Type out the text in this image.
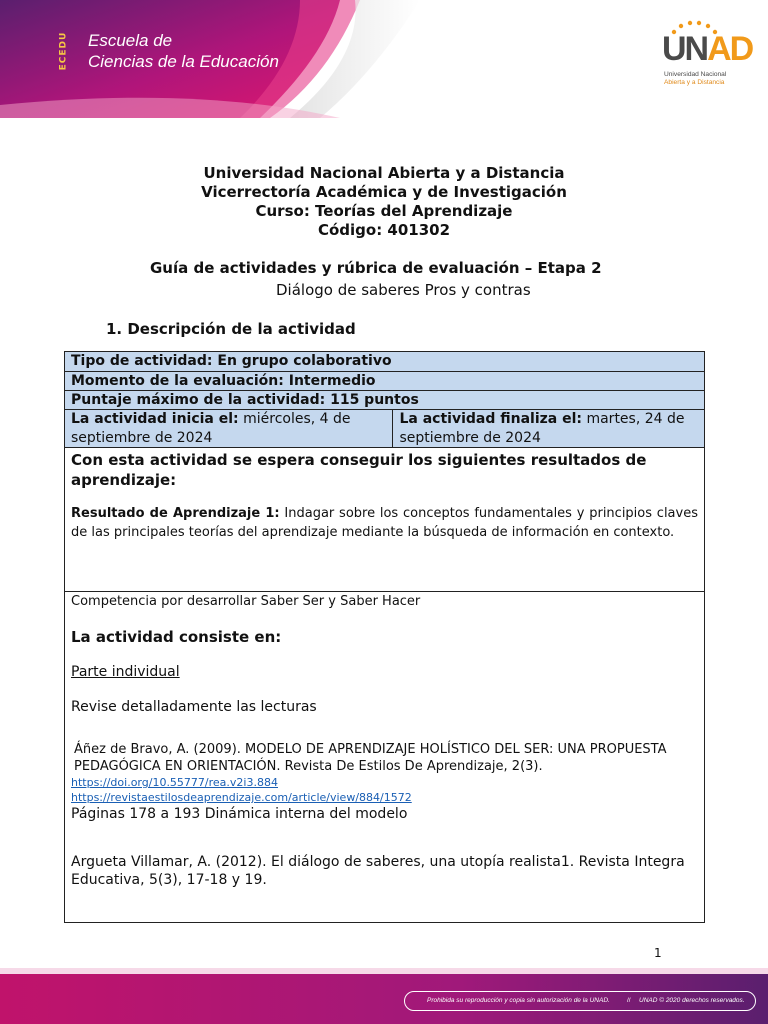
ECEDU Escuela de
Ciencias de la Educación	UNAD
Universidad Nacional
Abierta y a Distancia
Universidad Nacional Abierta y a Distancia
Vicerrectoría Académica y de Investigación
Curso: Teorías del Aprendizaje
Código: 401302
Guía de actividades y rúbrica de evaluación – Etapa 2
Diálogo de saberes Pros y contras
1. Descripción de la actividad
Tipo de actividad: En grupo colaborativo
Momento de la evaluación: Intermedio
Puntaje máximo de la actividad: 115 puntos
La actividad inicia el: miércoles, 4 de septiembre de 2024
La actividad finaliza el: martes, 24 de septiembre de 2024
Con esta actividad se espera conseguir los siguientes resultados de aprendizaje:
Resultado de Aprendizaje 1: Indagar sobre los conceptos fundamentales y principios claves de las principales teorías del aprendizaje mediante la búsqueda de información en contexto.
Competencia por desarrollar Saber Ser y Saber Hacer
La actividad consiste en:
Parte individual
Revise detalladamente las lecturas
Áñez de Bravo, A. (2009). MODELO DE APRENDIZAJE HOLÍSTICO DEL SER: UNA PROPUESTA PEDAGÓGICA EN ORIENTACIÓN. Revista De Estilos De Aprendizaje, 2(3).
https://doi.org/10.55777/rea.v2i3.884
https://revistaestilosdeaprendizaje.com/article/view/884/1572
Páginas 178 a 193 Dinámica interna del modelo
Argueta Villamar, A. (2012). El diálogo de saberes, una utopía realista1. Revista Integra Educativa, 5(3), 17-18 y 19.
1
Prohibida su reproducción y copia sin autorización de la UNAD.	// UNAD © 2020 derechos reservados.
